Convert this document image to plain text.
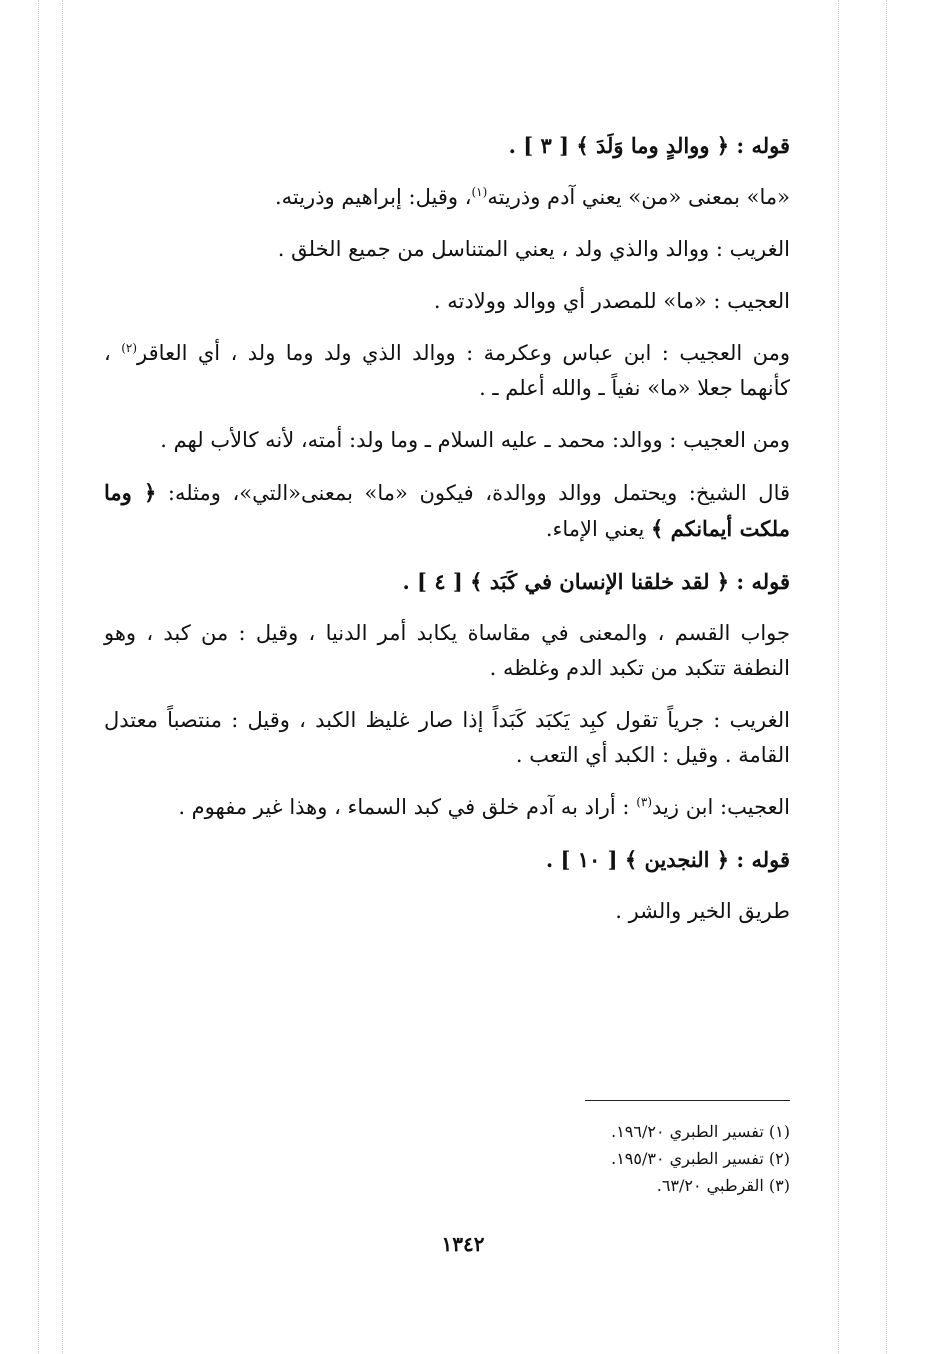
قوله : ﴿ ووالدٍ وما وَلَدَ ﴾ [ ٣ ] .

«ما» بمعنى «من» يعني آدم وذريته$^{(١)}$، وقيل: إبراهيم وذريته.

الغريب : ووالد والذي ولد ، يعني المتناسل من جميع الخلق .

العجيب : «ما» للمصدر أي ووالد وولادته .

ومن العجيب : ابن عباس وعكرمة : ووالد الذي ولد وما ولد ، أي العاقر$^{(٢)}$ ، كأنهما جعلا «ما» نفياً ـ والله أعلم ـ .

ومن العجيب : ووالد: محمد ـ عليه السلام ـ وما ولد: أمته، لأنه كالأب لهم .

قال الشيخ: ويحتمل ووالد ووالدة، فيكون «ما» بمعنى«التي»، ومثله: ﴿ وما ملكت أيمانكم ﴾ يعني الإماء.

قوله : ﴿ لقد خلقنا الإنسان في كَبَد ﴾ [ ٤ ] .

جواب القسم ، والمعنى في مقاساة يكابد أمر الدنيا ، وقيل : من كبد ، وهو النطفة تتكبد من تكبد الدم وغلظه .

الغريب : جرياً تقول كبِد يَكبَد كَبَداً إذا صار غليظ الكبد ، وقيل : منتصباً معتدل القامة . وقيل : الكبد أي التعب .

العجيب: ابن زيد$^{(٣)}$ : أراد به آدم خلق في كبد السماء ، وهذا غير مفهوم .

قوله : ﴿ النجدين ﴾ [ ١٠ ] .

طريق الخير والشر .

(١) تفسير الطبري ١٩٦/٢٠.
(٢) تفسير الطبري ١٩٥/٣٠.
(٣) القرطبي ٦٣/٢٠.
١٣٤٢
